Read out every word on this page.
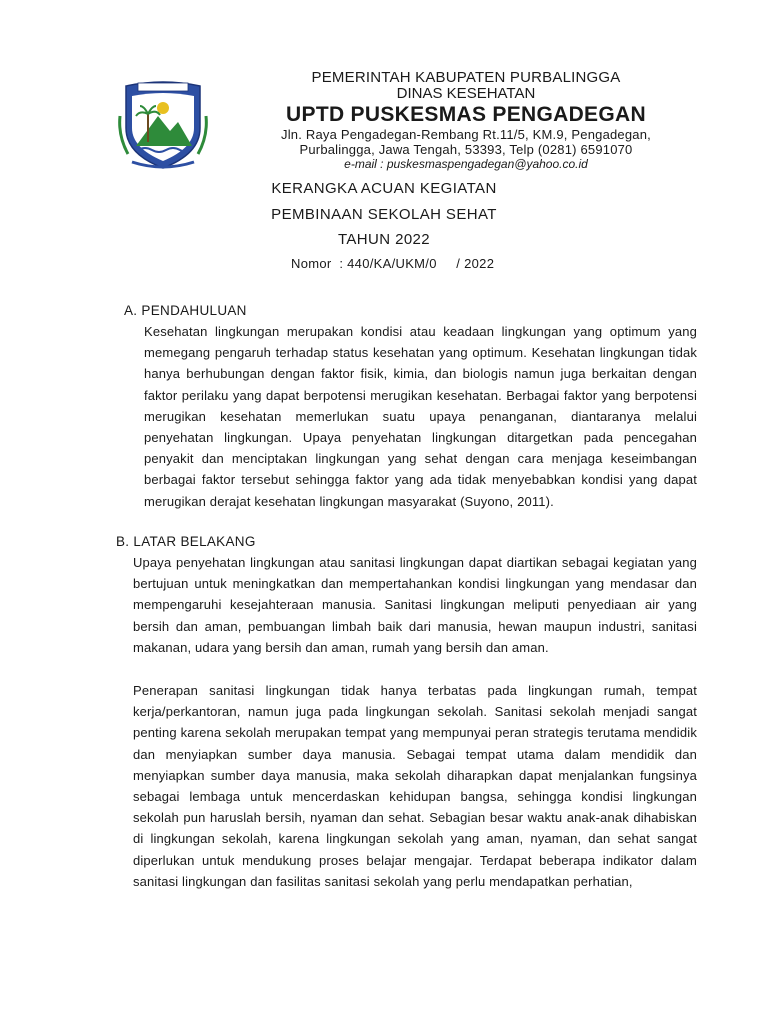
PEMERINTAH KABUPATEN PURBALINGGA
DINAS KESEHATAN
UPTD PUSKESMAS PENGADEGAN
Jln. Raya Pengadegan-Rembang Rt.11/5, KM.9, Pengadegan,
Purbalingga, Jawa Tengah, 53393, Telp (0281) 6591070
e-mail : puskesmaspengadegan@yahoo.co.id
KERANGKA ACUAN KEGIATAN
PEMBINAAN SEKOLAH SEHAT
TAHUN 2022
Nomor  : 440/KA/UKM/0     / 2022
A. PENDAHULUAN

Kesehatan lingkungan merupakan kondisi atau keadaan lingkungan yang optimum yang memegang pengaruh terhadap status kesehatan yang optimum. Kesehatan lingkungan tidak hanya berhubungan dengan faktor fisik, kimia, dan biologis namun juga berkaitan dengan faktor perilaku yang dapat berpotensi merugikan kesehatan. Berbagai faktor yang berpotensi merugikan kesehatan memerlukan suatu upaya penanganan, diantaranya melalui penyehatan lingkungan. Upaya penyehatan lingkungan ditargetkan pada pencegahan penyakit dan menciptakan lingkungan yang sehat dengan cara menjaga keseimbangan berbagai faktor tersebut sehingga faktor yang ada tidak menyebabkan kondisi yang dapat merugikan derajat kesehatan lingkungan masyarakat (Suyono, 2011).

B. LATAR BELAKANG

Upaya penyehatan lingkungan atau sanitasi lingkungan dapat diartikan sebagai kegiatan yang bertujuan untuk meningkatkan dan mempertahankan kondisi lingkungan yang mendasar dan mempengaruhi kesejahteraan manusia. Sanitasi lingkungan meliputi penyediaan air yang bersih dan aman, pembuangan limbah baik dari manusia, hewan maupun industri, sanitasi makanan, udara yang bersih dan aman, rumah yang bersih dan aman.

Penerapan sanitasi lingkungan tidak hanya terbatas pada lingkungan rumah, tempat kerja/perkantoran, namun juga pada lingkungan sekolah. Sanitasi sekolah menjadi sangat penting karena sekolah merupakan tempat yang mempunyai peran strategis terutama mendidik dan menyiapkan sumber daya manusia. Sebagai tempat utama dalam mendidik dan menyiapkan sumber daya manusia, maka sekolah diharapkan dapat menjalankan fungsinya sebagai lembaga untuk mencerdaskan kehidupan bangsa, sehingga kondisi lingkungan sekolah pun haruslah bersih, nyaman dan sehat. Sebagian besar waktu anak-anak dihabiskan di lingkungan sekolah, karena lingkungan sekolah yang aman, nyaman, dan sehat sangat diperlukan untuk mendukung proses belajar mengajar. Terdapat beberapa indikator dalam sanitasi lingkungan dan fasilitas sanitasi sekolah yang perlu mendapatkan perhatian,
